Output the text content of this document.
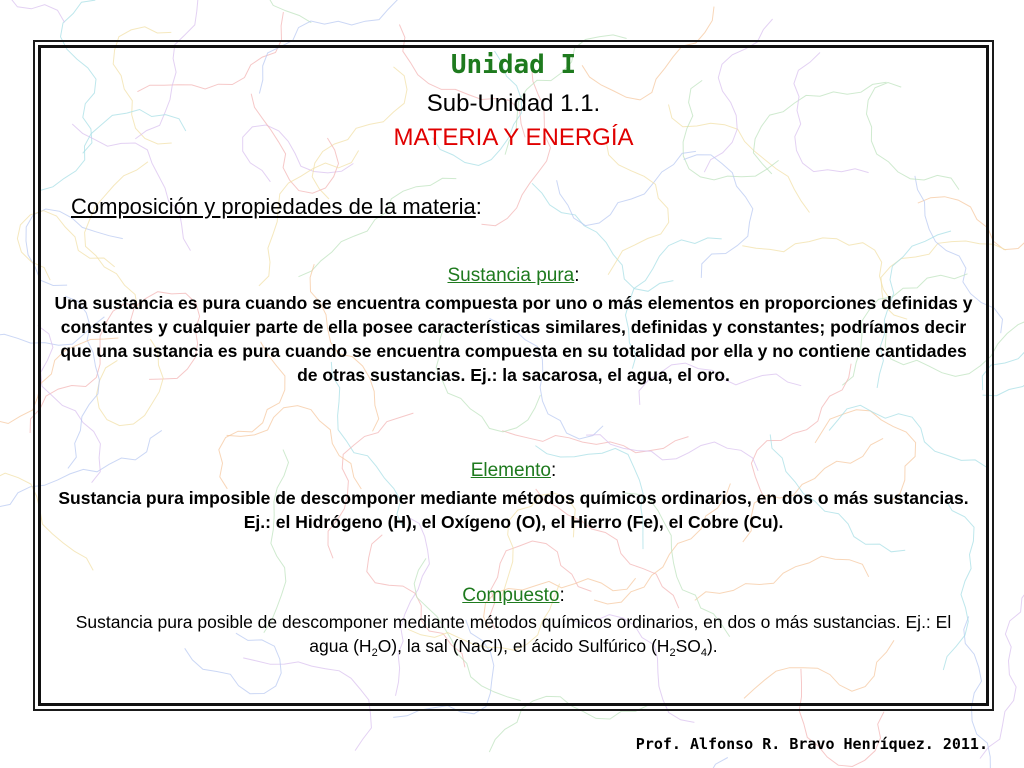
Unidad I
Sub-Unidad 1.1.
MATERIA Y ENERGÍA
Composición y propiedades de la materia:
Sustancia pura:
Una sustancia es pura cuando se encuentra compuesta por uno o más elementos en proporciones definidas y constantes y cualquier parte de ella posee características similares, definidas y constantes; podríamos decir que una sustancia es pura cuando se encuentra compuesta en su totalidad por ella y no contiene cantidades de otras sustancias. Ej.: la sacarosa, el agua, el oro.
Elemento:
Sustancia pura imposible de descomponer mediante métodos químicos ordinarios, en dos o más sustancias. Ej.: el Hidrógeno (H), el Oxígeno (O), el Hierro (Fe), el Cobre (Cu).
Compuesto:
Sustancia pura posible de descomponer mediante métodos químicos ordinarios, en dos o más sustancias. Ej.: El agua $(H_2O)$, la sal (NaCl), el ácido Sulfúrico $(H_2SO_4)$.
Prof. Alfonso R. Bravo Henríquez. 2011.
